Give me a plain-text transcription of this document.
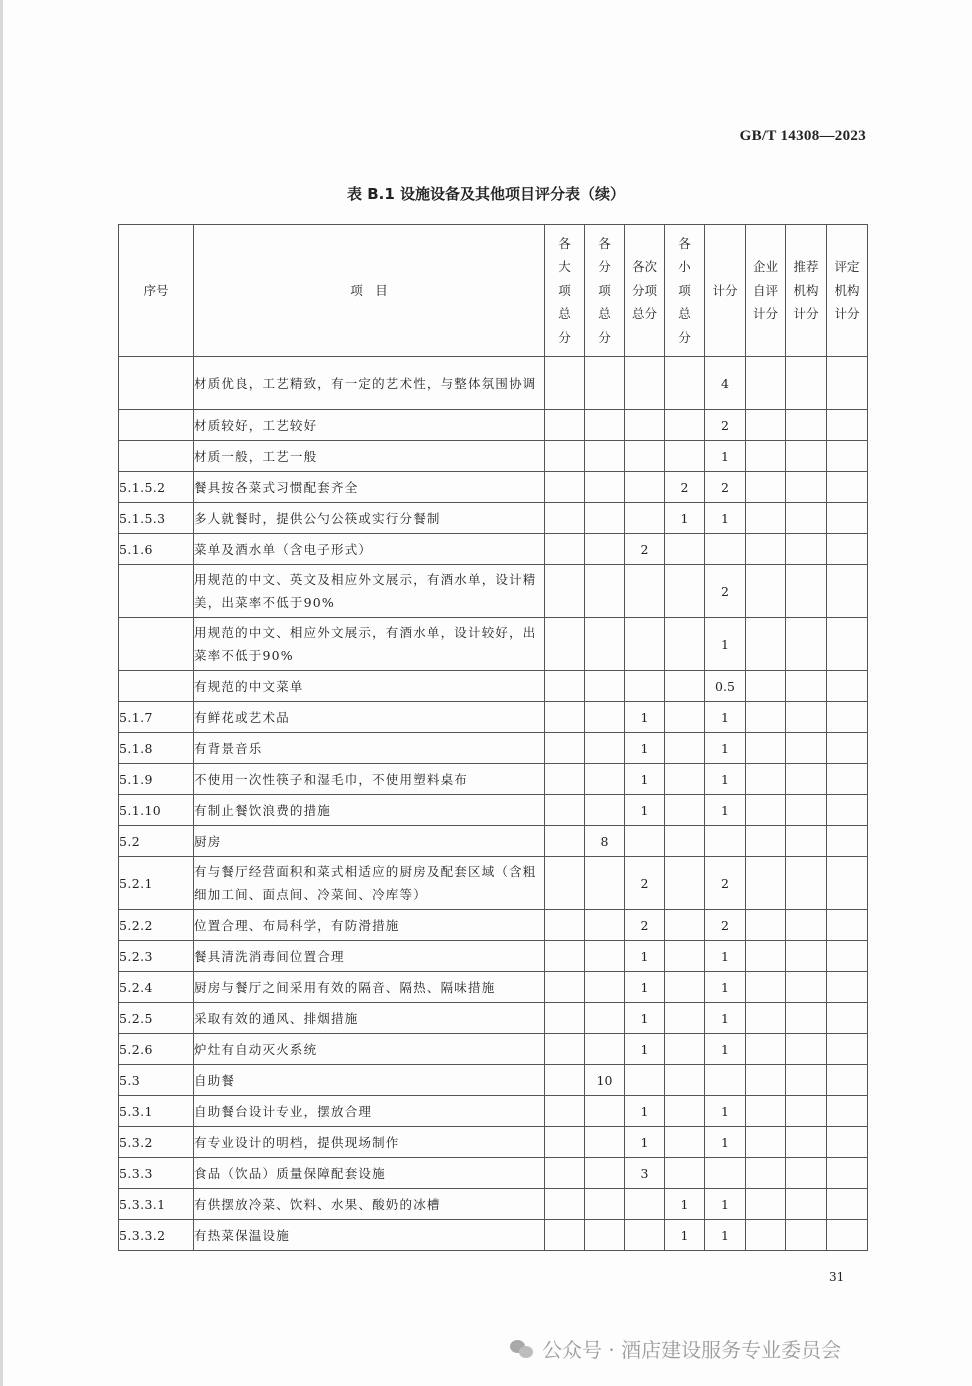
GB/T 14308—2023
表 B.1 设施设备及其他项目评分表（续）
序号	项　目	各大项总分	各分项总分	各次分项总分	各小项总分	计分	企业自评计分	推荐机构计分	评定机构计分
	材质优良，工艺精致，有一定的艺术性，与整体氛围协调					4			
	材质较好，工艺较好					2			
	材质一般，工艺一般					1			
5.1.5.2	餐具按各菜式习惯配套齐全				2	2			
5.1.5.3	多人就餐时，提供公勺公筷或实行分餐制				1	1			
5.1.6	菜单及酒水单（含电子形式）			2					
	用规范的中文、英文及相应外文展示，有酒水单，设计精美，出菜率不低于90%					2			
	用规范的中文、相应外文展示，有酒水单，设计较好，出菜率不低于90%					1			
	有规范的中文菜单					0.5			
5.1.7	有鲜花或艺术品			1		1			
5.1.8	有背景音乐			1		1			
5.1.9	不使用一次性筷子和湿毛巾，不使用塑料桌布			1		1			
5.1.10	有制止餐饮浪费的措施			1		1			
5.2	厨房		8						
5.2.1	有与餐厅经营面积和菜式相适应的厨房及配套区域（含粗细加工间、面点间、冷菜间、冷库等）			2		2			
5.2.2	位置合理、布局科学，有防滑措施			2		2			
5.2.3	餐具清洗消毒间位置合理			1		1			
5.2.4	厨房与餐厅之间采用有效的隔音、隔热、隔味措施			1		1			
5.2.5	采取有效的通风、排烟措施			1		1			
5.2.6	炉灶有自动灭火系统			1		1			
5.3	自助餐		10						
5.3.1	自助餐台设计专业，摆放合理			1		1			
5.3.2	有专业设计的明档，提供现场制作			1		1			
5.3.3	食品（饮品）质量保障配套设施			3					
5.3.3.1	有供摆放冷菜、饮料、水果、酸奶的冰槽				1	1			
5.3.3.2	有热菜保温设施				1	1			
31
公众号 · 酒店建设服务专业委员会
